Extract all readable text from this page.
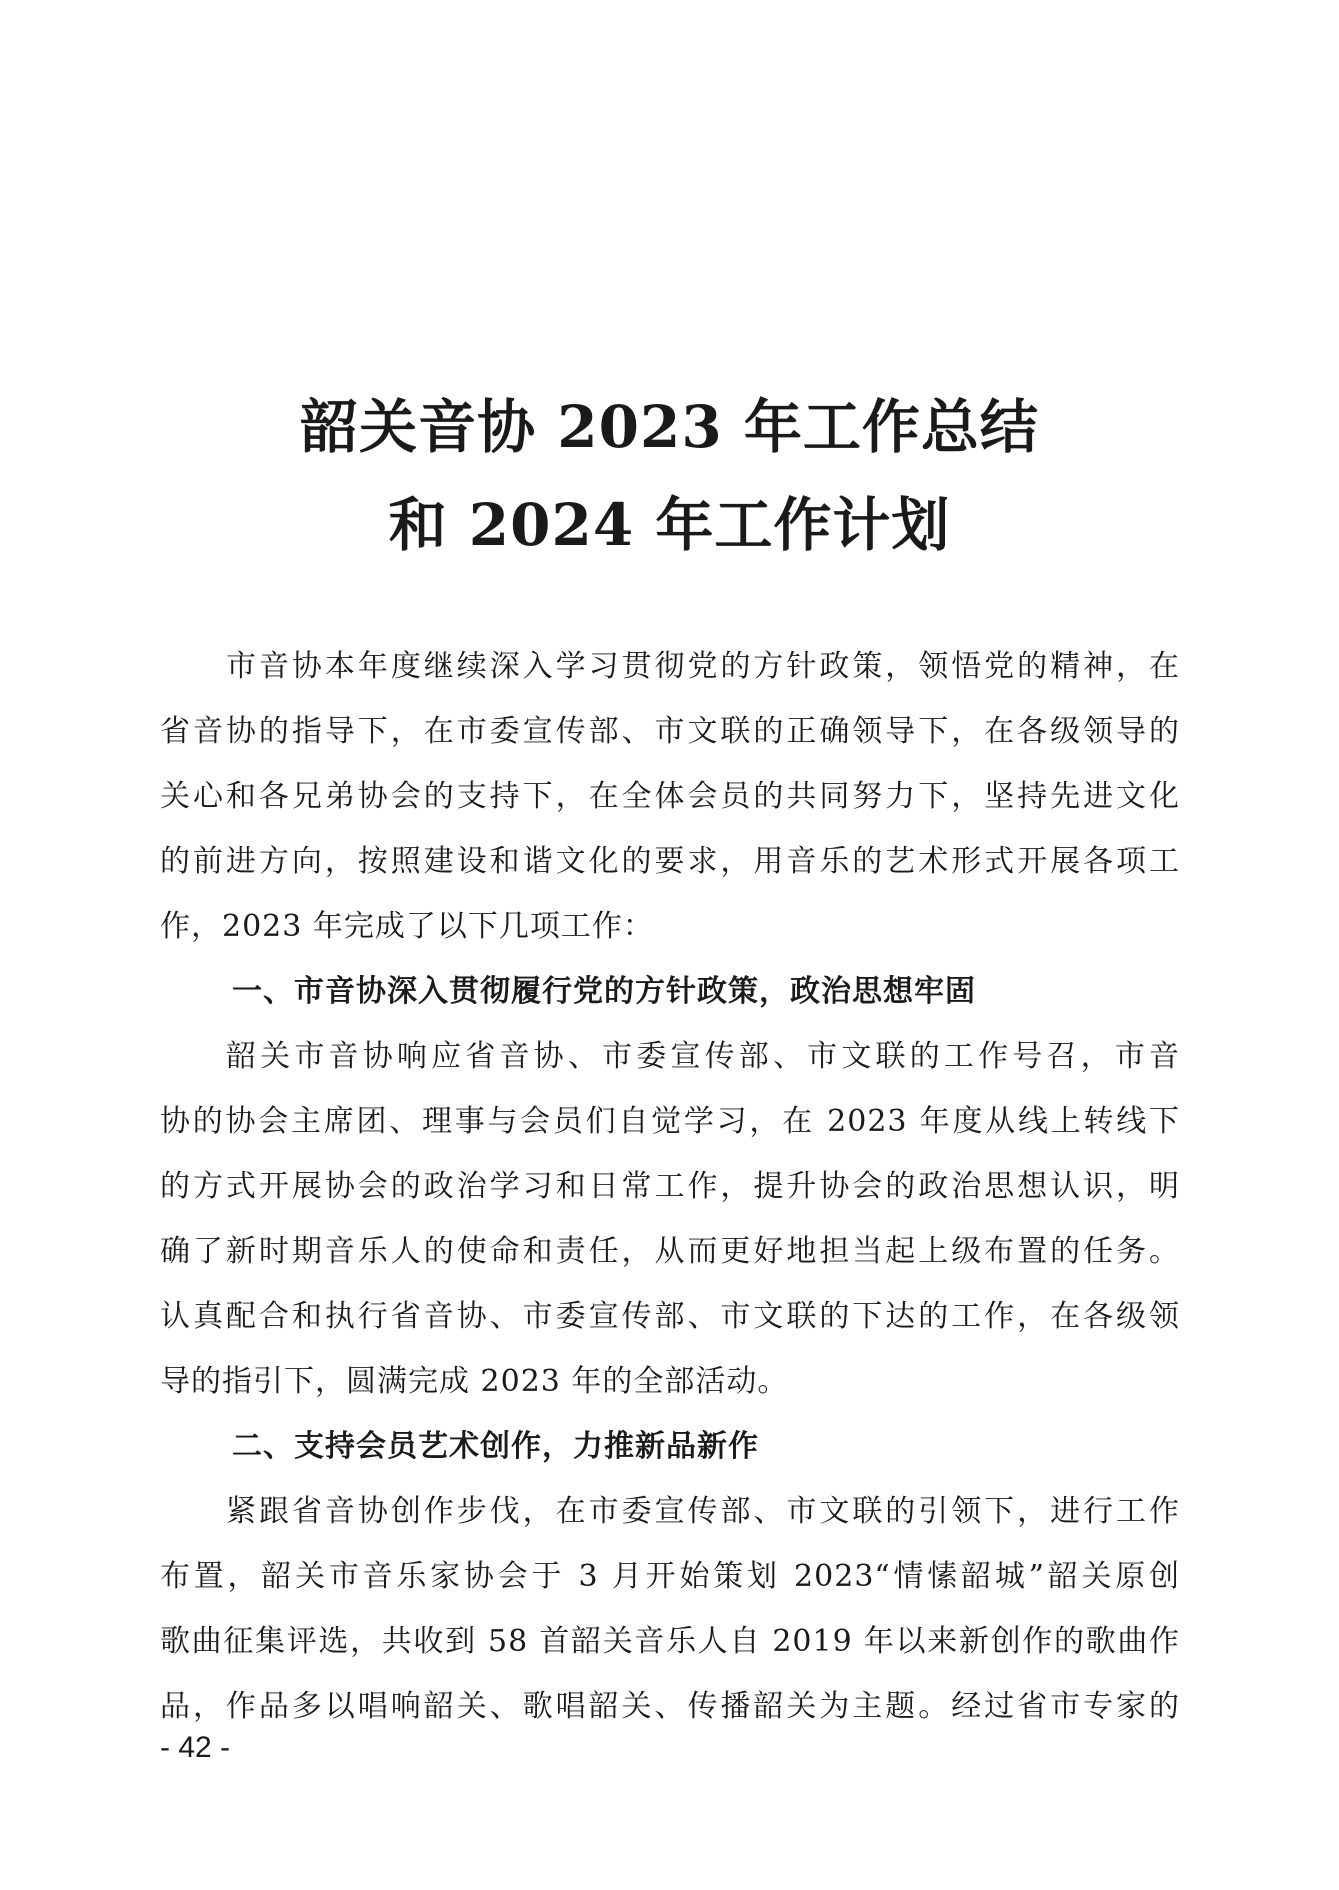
韶关音协 2023 年工作总结
和 2024 年工作计划
市音协本年度继续深入学习贯彻党的方针政策，领悟党的精神，在
省音协的指导下，在市委宣传部、市文联的正确领导下，在各级领导的
关心和各兄弟协会的支持下，在全体会员的共同努力下，坚持先进文化
的前进方向，按照建设和谐文化的要求，用音乐的艺术形式开展各项工
作，2023 年完成了以下几项工作：
一、市音协深入贯彻履行党的方针政策，政治思想牢固
韶关市音协响应省音协、市委宣传部、市文联的工作号召，市音
协的协会主席团、理事与会员们自觉学习，在 2023 年度从线上转线下
的方式开展协会的政治学习和日常工作，提升协会的政治思想认识，明
确了新时期音乐人的使命和责任，从而更好地担当起上级布置的任务。
认真配合和执行省音协、市委宣传部、市文联的下达的工作，在各级领
导的指引下，圆满完成 2023 年的全部活动。
二、支持会员艺术创作，力推新品新作
紧跟省音协创作步伐，在市委宣传部、市文联的引领下，进行工作
布置，韶关市音乐家协会于 3 月开始策划 2023“情愫韶城”韶关原创
歌曲征集评选，共收到 58 首韶关音乐人自 2019 年以来新创作的歌曲作
品，作品多以唱响韶关、歌唱韶关、传播韶关为主题。经过省市专家的
- 42 -
